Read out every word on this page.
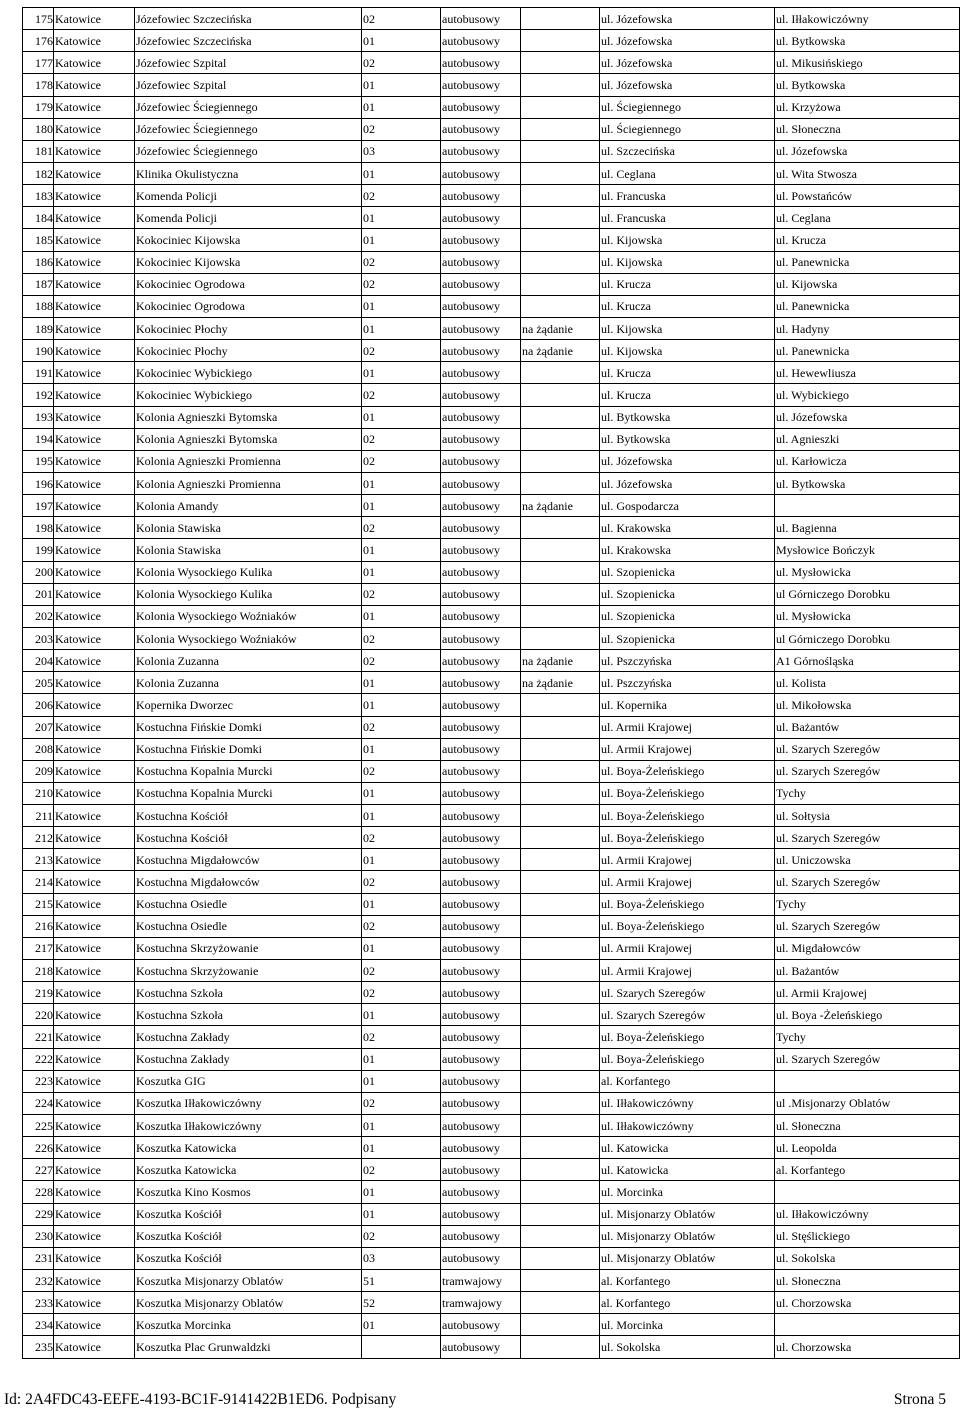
175	Katowice	Józefowiec Szczecińska	02	autobusowy		ul. Józefowska	ul. Iłłakowiczówny
176	Katowice	Józefowiec Szczecińska	01	autobusowy		ul. Józefowska	ul. Bytkowska
177	Katowice	Józefowiec Szpital	02	autobusowy		ul. Józefowska	ul. Mikusińskiego
178	Katowice	Józefowiec Szpital	01	autobusowy		ul. Józefowska	ul. Bytkowska
179	Katowice	Józefowiec Ściegiennego	01	autobusowy		ul. Ściegiennego	ul. Krzyżowa
180	Katowice	Józefowiec Ściegiennego	02	autobusowy		ul. Ściegiennego	ul. Słoneczna
181	Katowice	Józefowiec Ściegiennego	03	autobusowy		ul. Szczecińska	ul. Józefowska
182	Katowice	Klinika Okulistyczna	01	autobusowy		ul. Ceglana	ul. Wita Stwosza
183	Katowice	Komenda Policji	02	autobusowy		ul. Francuska	ul. Powstańców
184	Katowice	Komenda Policji	01	autobusowy		ul. Francuska	ul. Ceglana
185	Katowice	Kokociniec Kijowska	01	autobusowy		ul. Kijowska	ul. Krucza
186	Katowice	Kokociniec Kijowska	02	autobusowy		ul. Kijowska	ul. Panewnicka
187	Katowice	Kokociniec Ogrodowa	02	autobusowy		ul. Krucza	ul. Kijowska
188	Katowice	Kokociniec Ogrodowa	01	autobusowy		ul. Krucza	ul. Panewnicka
189	Katowice	Kokociniec Płochy	01	autobusowy	na żądanie	ul. Kijowska	ul. Hadyny
190	Katowice	Kokociniec Płochy	02	autobusowy	na żądanie	ul. Kijowska	ul. Panewnicka
191	Katowice	Kokociniec Wybickiego	01	autobusowy		ul. Krucza	ul. Hewewliusza
192	Katowice	Kokociniec Wybickiego	02	autobusowy		ul. Krucza	ul. Wybickiego
193	Katowice	Kolonia Agnieszki Bytomska	01	autobusowy		ul. Bytkowska	ul. Józefowska
194	Katowice	Kolonia Agnieszki Bytomska	02	autobusowy		ul. Bytkowska	ul. Agnieszki
195	Katowice	Kolonia Agnieszki Promienna	02	autobusowy		ul. Józefowska	ul. Karłowicza
196	Katowice	Kolonia Agnieszki Promienna	01	autobusowy		ul. Józefowska	ul. Bytkowska
197	Katowice	Kolonia Amandy	01	autobusowy	na żądanie	ul. Gospodarcza	
198	Katowice	Kolonia Stawiska	02	autobusowy		ul. Krakowska	ul. Bagienna
199	Katowice	Kolonia Stawiska	01	autobusowy		ul. Krakowska	Mysłowice Bończyk
200	Katowice	Kolonia Wysockiego Kulika	01	autobusowy		ul. Szopienicka	ul. Mysłowicka
201	Katowice	Kolonia Wysockiego Kulika	02	autobusowy		ul. Szopienicka	ul Górniczego Dorobku
202	Katowice	Kolonia Wysockiego Woźniaków	01	autobusowy		ul. Szopienicka	ul. Mysłowicka
203	Katowice	Kolonia Wysockiego Woźniaków	02	autobusowy		ul. Szopienicka	ul Górniczego Dorobku
204	Katowice	Kolonia Zuzanna	02	autobusowy	na żądanie	ul. Pszczyńska	A1 Górnośląska
205	Katowice	Kolonia Zuzanna	01	autobusowy	na żądanie	ul. Pszczyńska	ul. Kolista
206	Katowice	Kopernika Dworzec	01	autobusowy		ul. Kopernika	ul. Mikołowska
207	Katowice	Kostuchna Fińskie Domki	02	autobusowy		ul. Armii Krajowej	ul. Bażantów
208	Katowice	Kostuchna Fińskie Domki	01	autobusowy		ul. Armii Krajowej	ul. Szarych Szeregów
209	Katowice	Kostuchna Kopalnia Murcki	02	autobusowy		ul. Boya-Żeleńskiego	ul. Szarych Szeregów
210	Katowice	Kostuchna Kopalnia Murcki	01	autobusowy		ul. Boya-Żeleńskiego	Tychy
211	Katowice	Kostuchna Kościół	01	autobusowy		ul. Boya-Żeleńskiego	ul. Sołtysia
212	Katowice	Kostuchna Kościół	02	autobusowy		ul. Boya-Żeleńskiego	ul. Szarych Szeregów
213	Katowice	Kostuchna Migdałowców	01	autobusowy		ul. Armii Krajowej	ul. Uniczowska
214	Katowice	Kostuchna Migdałowców	02	autobusowy		ul. Armii Krajowej	ul. Szarych Szeregów
215	Katowice	Kostuchna Osiedle	01	autobusowy		ul. Boya-Żeleńskiego	Tychy
216	Katowice	Kostuchna Osiedle	02	autobusowy		ul. Boya-Żeleńskiego	ul. Szarych Szeregów
217	Katowice	Kostuchna Skrzyżowanie	01	autobusowy		ul. Armii Krajowej	ul. Migdałowców
218	Katowice	Kostuchna Skrzyżowanie	02	autobusowy		ul. Armii Krajowej	ul. Bażantów
219	Katowice	Kostuchna Szkoła	02	autobusowy		ul. Szarych Szeregów	ul. Armii Krajowej
220	Katowice	Kostuchna Szkoła	01	autobusowy		ul. Szarych Szeregów	ul. Boya -Żeleńskiego
221	Katowice	Kostuchna Zakłady	02	autobusowy		ul. Boya-Żeleńskiego	Tychy
222	Katowice	Kostuchna Zakłady	01	autobusowy		ul. Boya-Żeleńskiego	ul. Szarych Szeregów
223	Katowice	Koszutka GIG	01	autobusowy		al. Korfantego	
224	Katowice	Koszutka Iłłakowiczówny	02	autobusowy		ul. Iłłakowiczówny	ul .Misjonarzy Oblatów
225	Katowice	Koszutka Iłłakowiczówny	01	autobusowy		ul. Iłłakowiczówny	ul. Słoneczna
226	Katowice	Koszutka Katowicka	01	autobusowy		ul. Katowicka	ul. Leopolda
227	Katowice	Koszutka Katowicka	02	autobusowy		ul. Katowicka	al. Korfantego
228	Katowice	Koszutka Kino Kosmos	01	autobusowy		ul. Morcinka	
229	Katowice	Koszutka Kościół	01	autobusowy		ul. Misjonarzy Oblatów	ul. Iłłakowiczówny
230	Katowice	Koszutka Kościół	02	autobusowy		ul. Misjonarzy Oblatów	ul. Stęślickiego
231	Katowice	Koszutka Kościół	03	autobusowy		ul. Misjonarzy Oblatów	ul. Sokolska
232	Katowice	Koszutka Misjonarzy Oblatów	51	tramwajowy		al. Korfantego	ul. Słoneczna
233	Katowice	Koszutka Misjonarzy Oblatów	52	tramwajowy		al. Korfantego	ul. Chorzowska
234	Katowice	Koszutka Morcinka	01	autobusowy		ul. Morcinka	
235	Katowice	Koszutka Plac Grunwaldzki		autobusowy		ul. Sokolska	ul. Chorzowska
Id: 2A4FDC43-EEFE-4193-BC1F-9141422B1ED6. Podpisany	Strona 5
